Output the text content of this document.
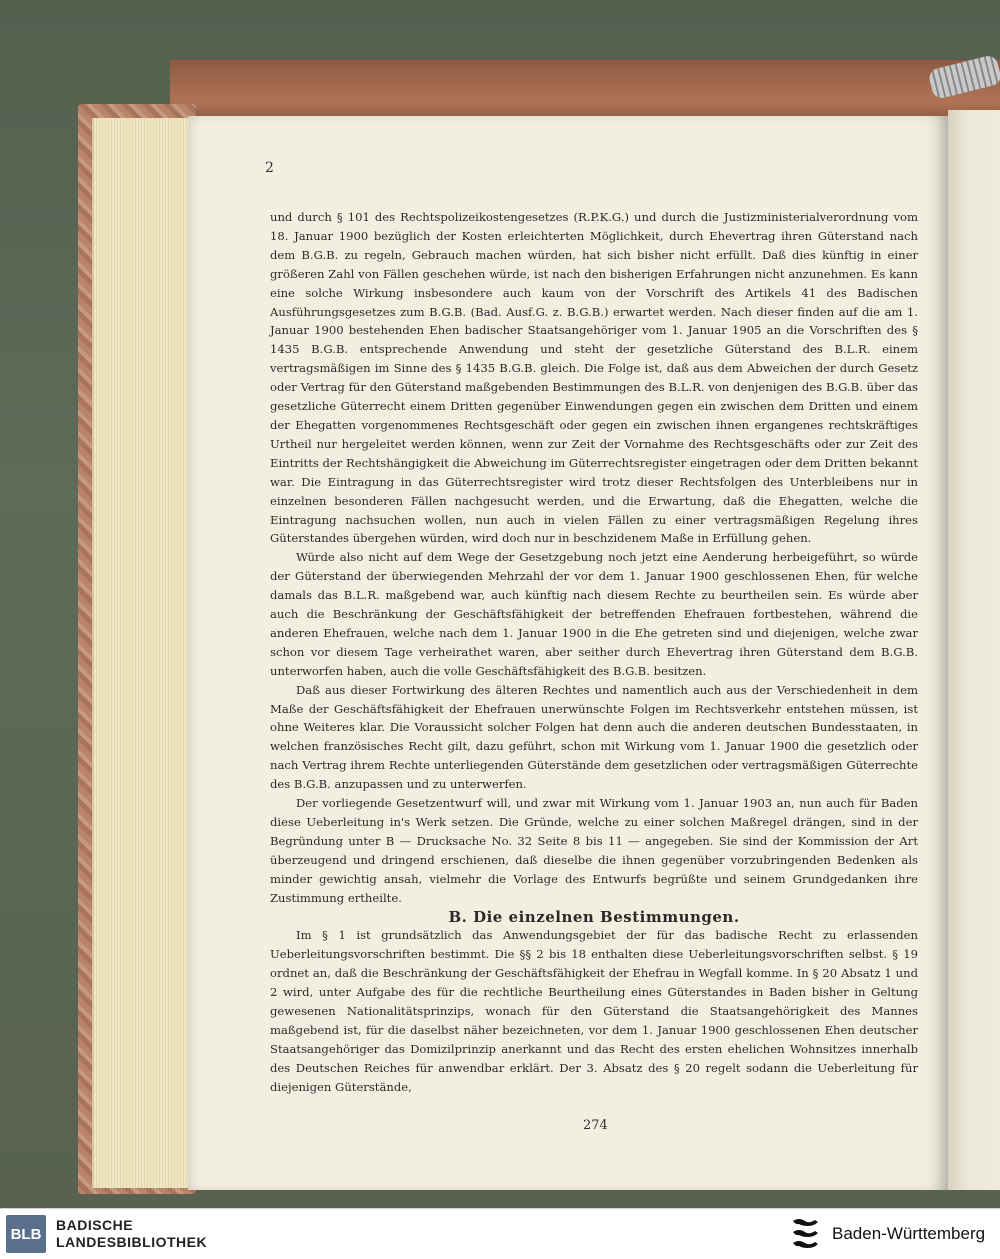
2

und durch § 101 des Rechtspolizeikostengesetzes (R.P.K.G.) und durch die Justizministerialverordnung vom 18. Januar 1900 bezüglich der Kosten erleichterten Möglichkeit, durch Ehevertrag ihren Güterstand nach dem B.G.B. zu regeln, Gebrauch machen würden, hat sich bisher nicht erfüllt. Daß dies künftig in einer größeren Zahl von Fällen geschehen würde, ist nach den bisherigen Erfahrungen nicht anzunehmen. Es kann eine solche Wirkung insbesondere auch kaum von der Vorschrift des Artikels 41 des Badischen Ausführungsgesetzes zum B.G.B. (Bad. Ausf.G. z. B.G.B.) erwartet werden. Nach dieser finden auf die am 1. Januar 1900 bestehenden Ehen badischer Staatsangehöriger vom 1. Januar 1905 an die Vorschriften des § 1435 B.G.B. entsprechende Anwendung und steht der gesetzliche Güterstand des B.L.R. einem vertragsmäßigen im Sinne des § 1435 B.G.B. gleich. Die Folge ist, daß aus dem Abweichen der durch Gesetz oder Vertrag für den Güterstand maßgebenden Bestimmungen des B.L.R. von denjenigen des B.G.B. über das gesetzliche Güterrecht einem Dritten gegenüber Einwendungen gegen ein zwischen dem Dritten und einem der Ehegatten vorgenommenes Rechtsgeschäft oder gegen ein zwischen ihnen ergangenes rechtskräftiges Urtheil nur hergeleitet werden können, wenn zur Zeit der Vornahme des Rechtsgeschäfts oder zur Zeit des Eintritts der Rechtshängigkeit die Abweichung im Güterrechtsregister eingetragen oder dem Dritten bekannt war. Die Eintragung in das Güterrechtsregister wird trotz dieser Rechtsfolgen des Unterbleibens nur in einzelnen besonderen Fällen nachgesucht werden, und die Erwartung, daß die Ehegatten, welche die Eintragung nachsuchen wollen, nun auch in vielen Fällen zu einer vertragsmäßigen Regelung ihres Güterstandes übergehen würden, wird doch nur in beschzidenem Maße in Erfüllung gehen.

Würde also nicht auf dem Wege der Gesetzgebung noch jetzt eine Aenderung herbeigeführt, so würde der Güterstand der überwiegenden Mehrzahl der vor dem 1. Januar 1900 geschlossenen Ehen, für welche damals das B.L.R. maßgebend war, auch künftig nach diesem Rechte zu beurtheilen sein. Es würde aber auch die Beschränkung der Geschäftsfähigkeit der betreffenden Ehefrauen fortbestehen, während die anderen Ehefrauen, welche nach dem 1. Januar 1900 in die Ehe getreten sind und diejenigen, welche zwar schon vor diesem Tage verheirathet waren, aber seither durch Ehevertrag ihren Güterstand dem B.G.B. unterworfen haben, auch die volle Geschäftsfähigkeit des B.G.B. besitzen.

Daß aus dieser Fortwirkung des älteren Rechtes und namentlich auch aus der Verschiedenheit in dem Maße der Geschäftsfähigkeit der Ehefrauen unerwünschte Folgen im Rechtsverkehr entstehen müssen, ist ohne Weiteres klar. Die Voraussicht solcher Folgen hat denn auch die anderen deutschen Bundesstaaten, in welchen französisches Recht gilt, dazu geführt, schon mit Wirkung vom 1. Januar 1900 die gesetzlich oder nach Vertrag ihrem Rechte unterliegenden Güterstände dem gesetzlichen oder vertragsmäßigen Güterrechte des B.G.B. anzupassen und zu unterwerfen.

Der vorliegende Gesetzentwurf will, und zwar mit Wirkung vom 1. Januar 1903 an, nun auch für Baden diese Ueberleitung in's Werk setzen. Die Gründe, welche zu einer solchen Maßregel drängen, sind in der Begründung unter B — Drucksache No. 32 Seite 8 bis 11 — angegeben. Sie sind der Kommission der Art überzeugend und dringend erschienen, daß dieselbe die ihnen gegenüber vorzubringenden Bedenken als minder gewichtig ansah, vielmehr die Vorlage des Entwurfs begrüßte und seinem Grundgedanken ihre Zustimmung ertheilte.

B. Die einzelnen Bestimmungen.

Im § 1 ist grundsätzlich das Anwendungsgebiet der für das badische Recht zu erlassenden Ueberleitungsvorschriften bestimmt. Die §§ 2 bis 18 enthalten diese Ueberleitungsvorschriften selbst. § 19 ordnet an, daß die Beschränkung der Geschäftsfähigkeit der Ehefrau in Wegfall komme. In § 20 Absatz 1 und 2 wird, unter Aufgabe des für die rechtliche Beurtheilung eines Güterstandes in Baden bisher in Geltung gewesenen Nationalitätsprinzips, wonach für den Güterstand die Staatsangehörigkeit des Mannes maßgebend ist, für die daselbst näher bezeichneten, vor dem 1. Januar 1900 geschlossenen Ehen deutscher Staatsangehöriger das Domizilprinzip anerkannt und das Recht des ersten ehelichen Wohnsitzes innerhalb des Deutschen Reiches für anwendbar erklärt. Der 3. Absatz des § 20 regelt sodann die Ueberleitung für diejenigen Güterstände,

274
BLB
BADISCHE
LANDESBIBLIOTHEK	Baden-Württemberg
